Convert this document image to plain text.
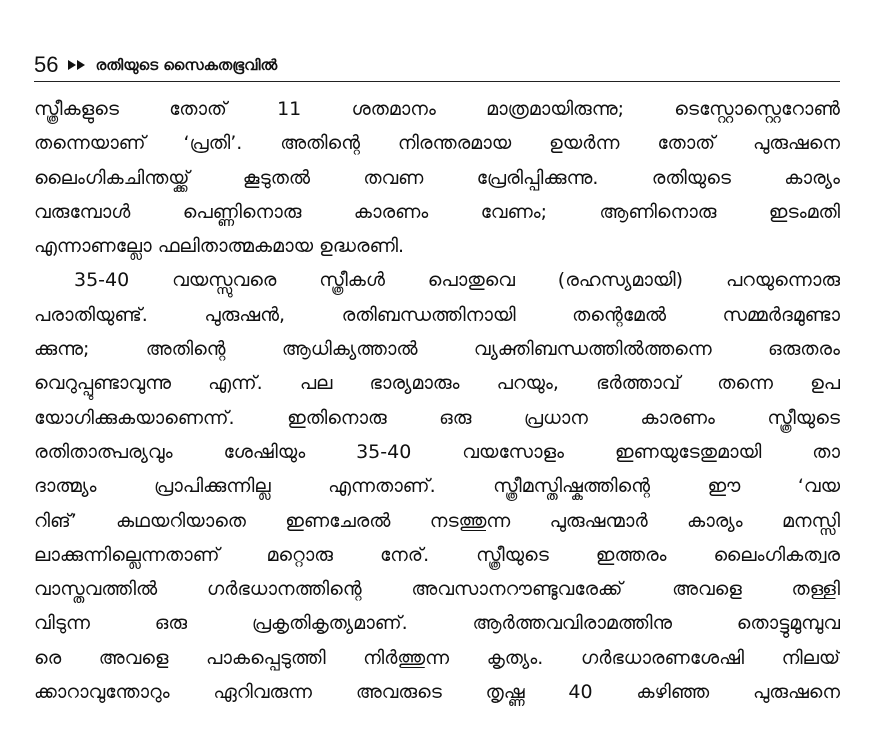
56 രതിയുടെ സൈകതഭൂവിൽ
സ്ത്രീകളുടെ തോത് 11 ശതമാനം മാത്രമായിരുന്നു; ടെസ്റ്റോസ്റ്റെറോൺ
തന്നെയാണ് ‘പ്രതി’. അതിന്റെ നിരന്തരമായ ഉയർന്ന തോത് പുരുഷനെ
ലൈംഗികചിന്തയ്ക്ക് കൂടുതൽ തവണ പ്രേരിപ്പിക്കുന്നു. രതിയുടെ കാര്യം
വരുമ്പോൾ പെണ്ണിനൊരു കാരണം വേണം; ആണിനൊരു ഇടംമതി
എന്നാണല്ലോ ഫലിതാത്മകമായ ഉദ്ധരണി.
35-40 വയസ്സുവരെ സ്ത്രീകൾ പൊതുവെ (രഹസ്യമായി) പറയുന്നൊരു
പരാതിയുണ്ട്. പുരുഷൻ, രതിബന്ധത്തിനായി തന്റെമേൽ സമ്മർദമുണ്ടാ
ക്കുന്നു; അതിന്റെ ആധിക്യത്താൽ വ്യക്തിബന്ധത്തിൽത്തന്നെ ഒരുതരം
വെറുപ്പുണ്ടാവുന്നു എന്ന്. പല ഭാര്യമാരും പറയും, ഭർത്താവ് തന്നെ ഉപ
യോഗിക്കുകയാണെന്ന്. ഇതിനൊരു ഒരു പ്രധാന കാരണം സ്ത്രീയുടെ
രതിതാത്പര്യവും ശേഷിയും 35-40 വയസോളം ഇണയുടേതുമായി താ
ദാത്മ്യം പ്രാപിക്കുന്നില്ല എന്നതാണ്. സ്ത്രീമസ്തിഷ്കത്തിന്റെ ഈ ‘വയ
റിങ്’ കഥയറിയാതെ ഇണചേരൽ നടത്തുന്ന പുരുഷന്മാർ കാര്യം മനസ്സി
ലാക്കുന്നില്ലെന്നതാണ് മറ്റൊരു നേര്. സ്ത്രീയുടെ ഇത്തരം ലൈംഗികത്വര
വാസ്തവത്തിൽ ഗർഭധാനത്തിന്റെ അവസാനറൗണ്ടുവരേക്ക് അവളെ തള്ളി
വിടുന്ന ഒരു പ്രകൃതികൃത്യമാണ്. ആർത്തവവിരാമത്തിനു തൊട്ടുമുമ്പുവ
രെ അവളെ പാകപ്പെടുത്തി നിർത്തുന്ന കൃത്യം. ഗർഭധാരണശേഷി നിലയ്
ക്കാറാവുന്തോറും ഏറിവരുന്ന അവരുടെ തൃഷ്ണ 40 കഴിഞ്ഞ പുരുഷനെ
